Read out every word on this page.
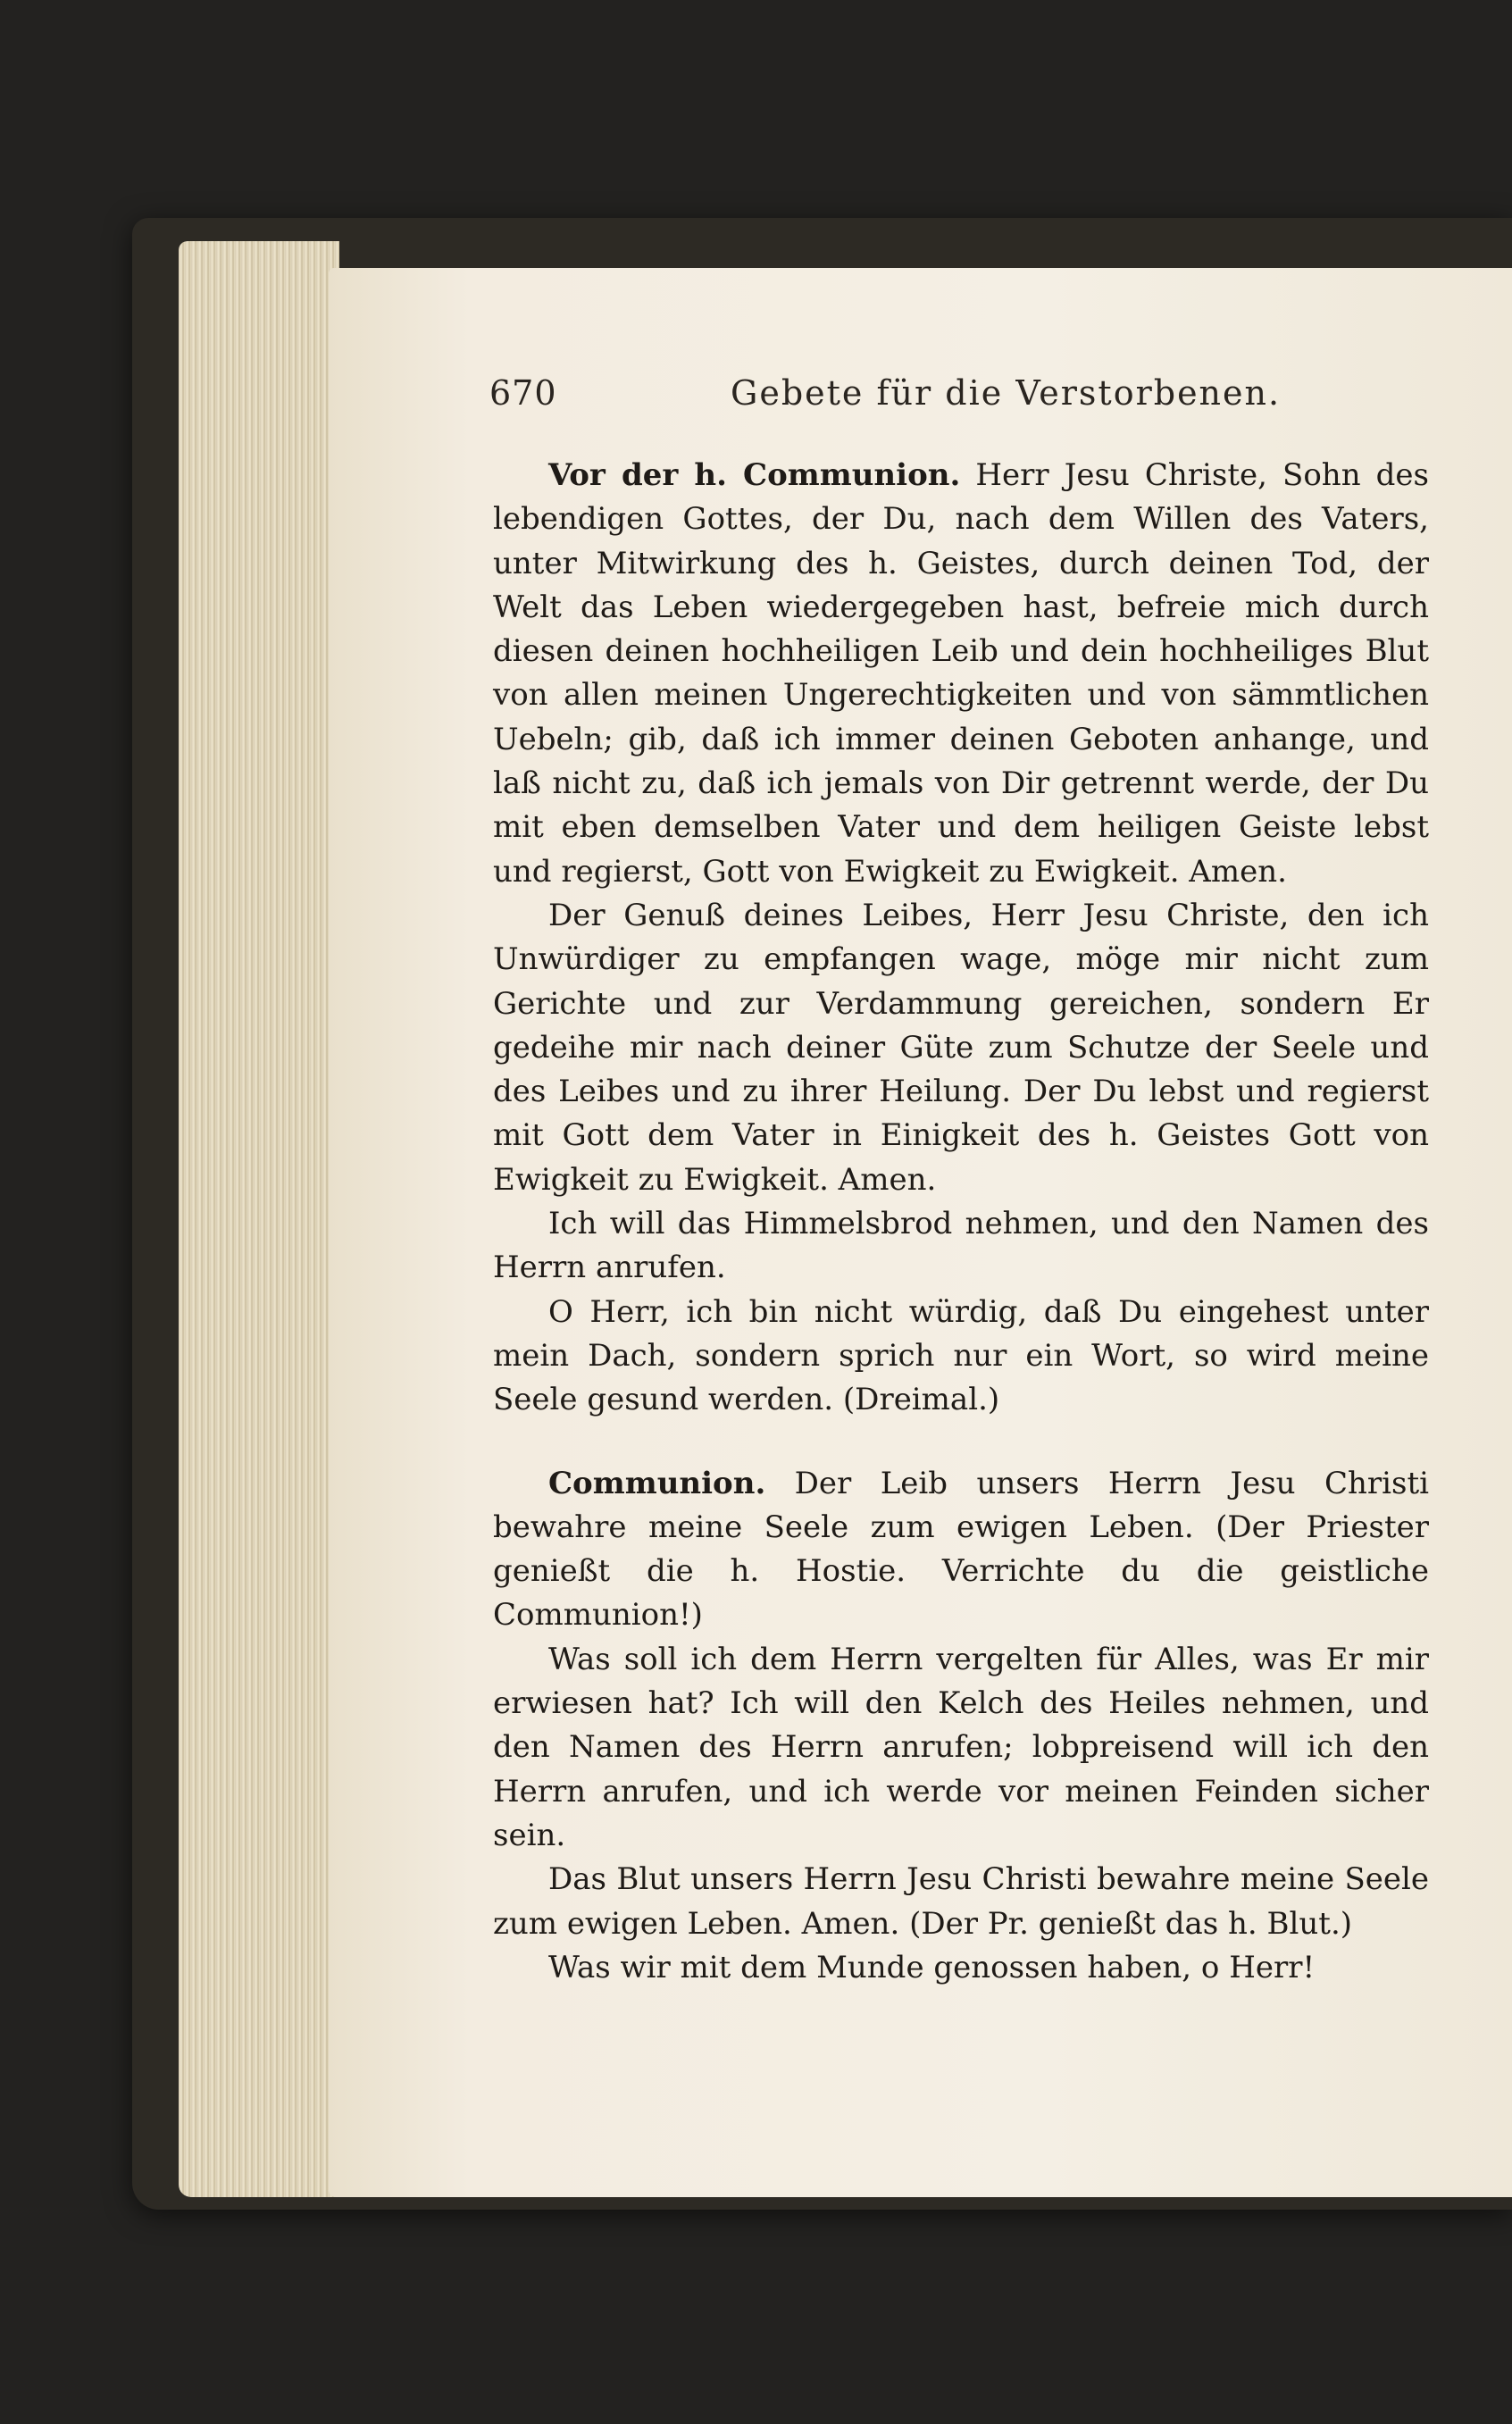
670	Gebete für die Verstorbenen.

Vor der h. Communion. Herr Jesu Christe, Sohn des lebendigen Gottes, der Du, nach dem Willen des Vaters, unter Mitwirkung des h. Geistes, durch deinen Tod, der Welt das Leben wiedergegeben hast, befreie mich durch diesen deinen hochheiligen Leib und dein hochheiliges Blut von allen meinen Ungerechtigkeiten und von sämmtlichen Uebeln; gib, daß ich immer deinen Geboten anhange, und laß nicht zu, daß ich jemals von Dir getrennt werde, der Du mit eben demselben Vater und dem heiligen Geiste lebst und regierst, Gott von Ewigkeit zu Ewigkeit. Amen.

Der Genuß deines Leibes, Herr Jesu Christe, den ich Unwürdiger zu empfangen wage, möge mir nicht zum Gerichte und zur Verdammung gereichen, sondern Er gedeihe mir nach deiner Güte zum Schutze der Seele und des Leibes und zu ihrer Heilung. Der Du lebst und regierst mit Gott dem Vater in Einigkeit des h. Geistes Gott von Ewigkeit zu Ewigkeit. Amen.

Ich will das Himmelsbrod nehmen, und den Namen des Herrn anrufen.

O Herr, ich bin nicht würdig, daß Du eingehest unter mein Dach, sondern sprich nur ein Wort, so wird meine Seele gesund werden. (Dreimal.)

Communion. Der Leib unsers Herrn Jesu Christi bewahre meine Seele zum ewigen Leben. (Der Priester genießt die h. Hostie. Verrichte du die geistliche Communion!)

Was soll ich dem Herrn vergelten für Alles, was Er mir erwiesen hat? Ich will den Kelch des Heiles nehmen, und den Namen des Herrn anrufen; lobpreisend will ich den Herrn anrufen, und ich werde vor meinen Feinden sicher sein.

Das Blut unsers Herrn Jesu Christi bewahre meine Seele zum ewigen Leben. Amen. (Der Pr. genießt das h. Blut.)

Was wir mit dem Munde genossen haben, o Herr!
